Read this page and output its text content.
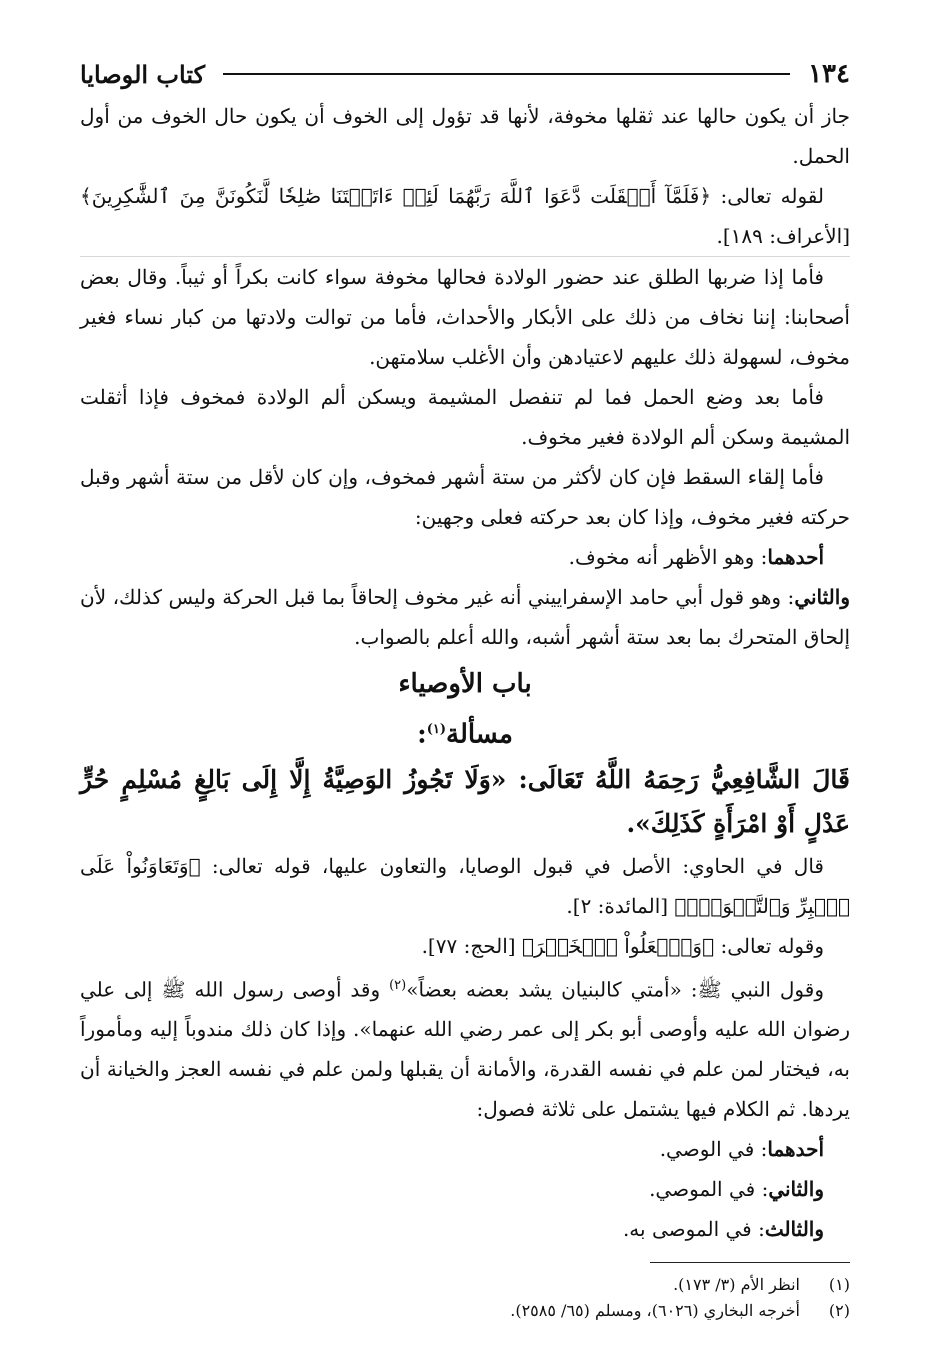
١٣٤
كتاب الوصايا

جاز أن يكون حالها عند ثقلها مخوفة، لأنها قد تؤول إلى الخوف أن يكون حال الخوف من أول الحمل.

لقوله تعالى: ﴿فَلَمَّآ أَثۡقَلَت دَّعَوَا ٱللَّهَ رَبَّهُمَا لَئِنۡ ءَاتَيۡتَنَا صَٰلِحٗا لَّنَكُونَنَّ مِنَ ٱلشَّٰكِرِينَ﴾ [الأعراف: ١٨٩].

فأما إذا ضربها الطلق عند حضور الولادة فحالها مخوفة سواء كانت بكراً أو ثيباً. وقال بعض أصحابنا: إننا نخاف من ذلك على الأبكار والأحداث، فأما من توالت ولادتها من كبار نساء فغير مخوف، لسهولة ذلك عليهم لاعتيادهن وأن الأغلب سلامتهن.

فأما بعد وضع الحمل فما لم تنفصل المشيمة ويسكن ألم الولادة فمخوف فإذا أثقلت المشيمة وسكن ألم الولادة فغير مخوف.

فأما إلقاء السقط فإن كان لأكثر من ستة أشهر فمخوف، وإن كان لأقل من ستة أشهر وقبل حركته فغير مخوف، وإذا كان بعد حركته فعلى وجهين:

أحدهما: وهو الأظهر أنه مخوف.

والثاني: وهو قول أبي حامد الإسفراييني أنه غير مخوف إلحاقاً بما قبل الحركة وليس كذلك، لأن إلحاق المتحرك بما بعد ستة أشهر أشبه، والله أعلم بالصواب.

باب الأوصياء
مسألة$^{(١)}$:

قَالَ الشَّافِعِيُّ رَحِمَهُ اللَّهُ تَعَالَى: «وَلَا تَجُوزُ الوَصِيَّةُ إِلَّا إِلَى بَالِغٍ مُسْلِمٍ حُرٍّ عَدْلٍ أَوْ امْرَأَةٍ كَذَلِكَ».

قال في الحاوي: الأصل في قبول الوصايا، والتعاون عليها، قوله تعالى: ﴿وَتَعَاوَنُواْ عَلَى ٱلۡبِرِّ وَٱلتَّقۡوَىٰۖ﴾ [المائدة: ٢].

وقوله تعالى: ﴿وَٱفۡعَلُواْ ٱلۡخَيۡرَ﴾ [الحج: ٧٧].

وقول النبي ﷺ: «أمتي كالبنيان يشد بعضه بعضاً»$^{(٢)}$ وقد أوصى رسول الله ﷺ إلى علي رضوان الله عليه وأوصى أبو بكر إلى عمر رضي الله عنهما». وإذا كان ذلك مندوباً إليه ومأموراً به، فيختار لمن علم في نفسه القدرة، والأمانة أن يقبلها ولمن علم في نفسه العجز والخيانة أن يردها. ثم الكلام فيها يشتمل على ثلاثة فصول:

أحدهما: في الوصي.

والثاني: في الموصي.

والثالث: في الموصى به.

(١)
انظر الأم (٣/ ١٧٣).
(٢)
أخرجه البخاري (٦٠٢٦)، ومسلم (٦٥/ ٢٥٨٥).
